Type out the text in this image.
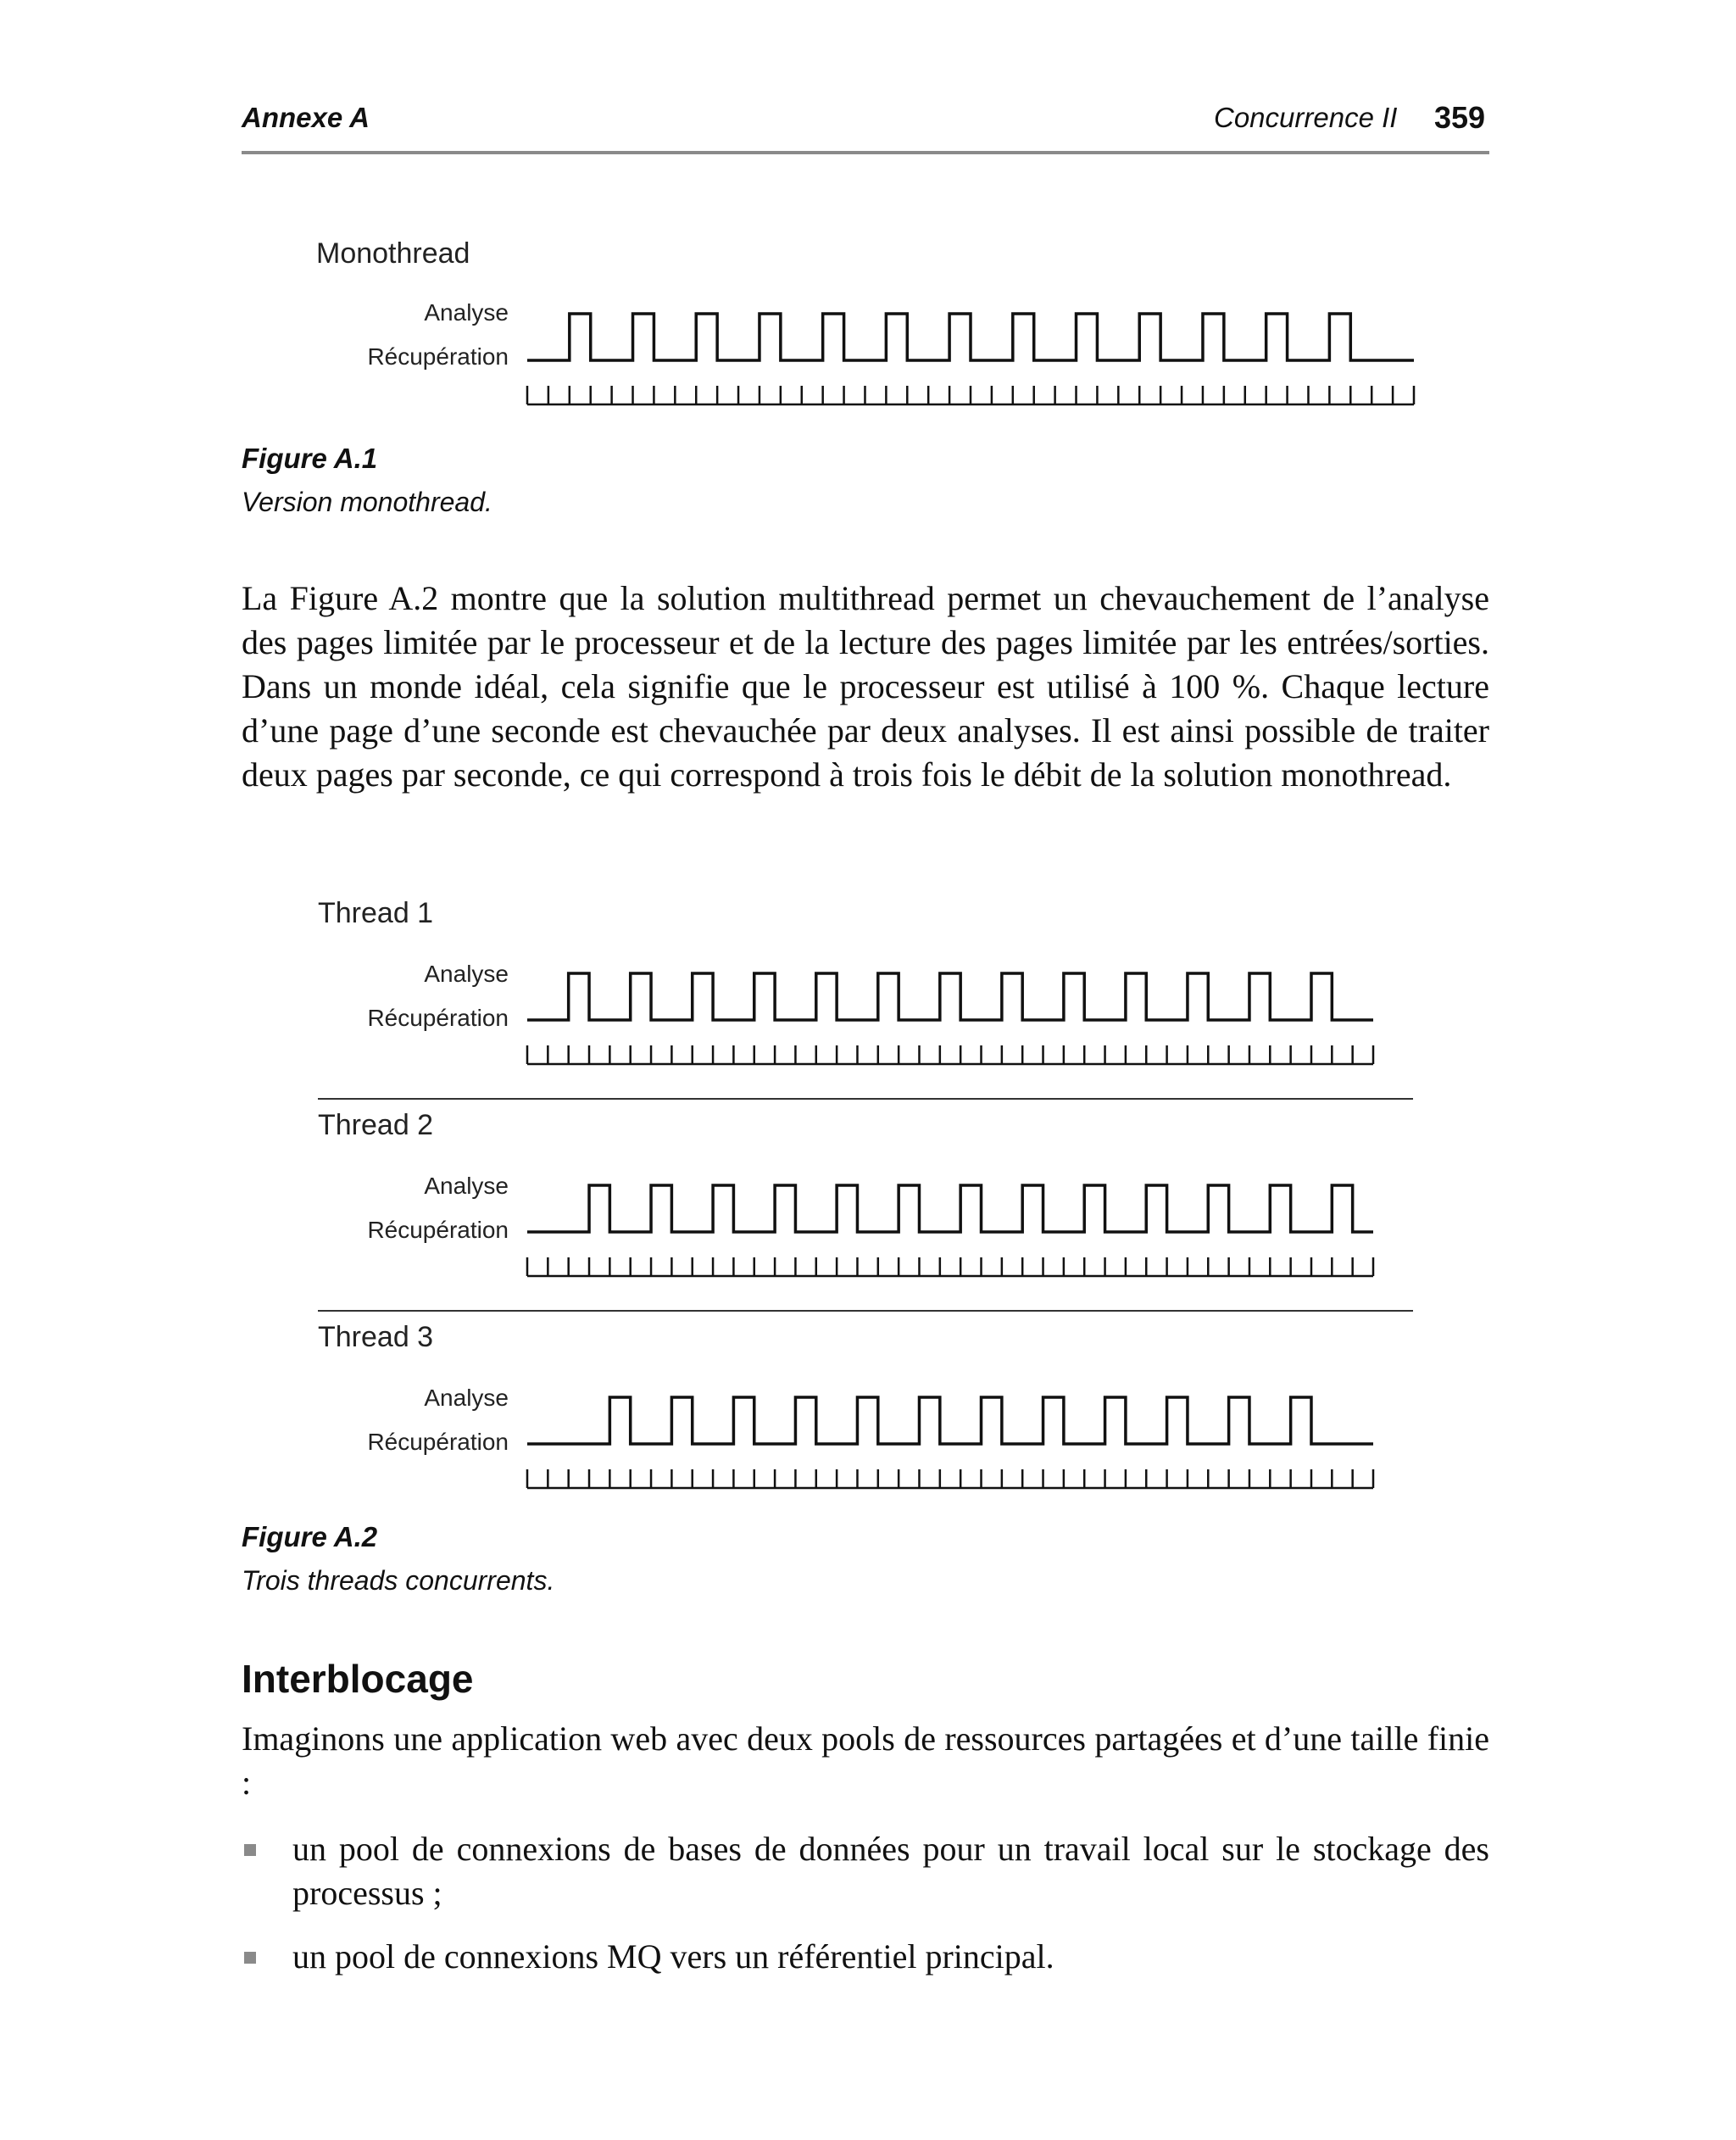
Annexe A	Concurrence II 359
Monothread
Analyse
Récupération
Figure A.1
Version monothread.
La Figure A.2 montre que la solution multithread permet un chevauchement de l’analyse des pages limitée par le processeur et de la lecture des pages limitée par les entrées/sorties. Dans un monde idéal, cela signifie que le processeur est utilisé à 100 %. Chaque lecture d’une page d’une seconde est chevauchée par deux analyses. Il est ainsi possible de traiter deux pages par seconde, ce qui correspond à trois fois le débit de la solution monothread.
Thread 1
Analyse
Récupération
Thread 2
Analyse
Récupération
Thread 3
Analyse
Récupération
Figure A.2
Trois threads concurrents.
Interblocage
Imaginons une application web avec deux pools de ressources partagées et d’une taille finie :
un pool de connexions de bases de données pour un travail local sur le stockage des processus ;
un pool de connexions MQ vers un référentiel principal.
